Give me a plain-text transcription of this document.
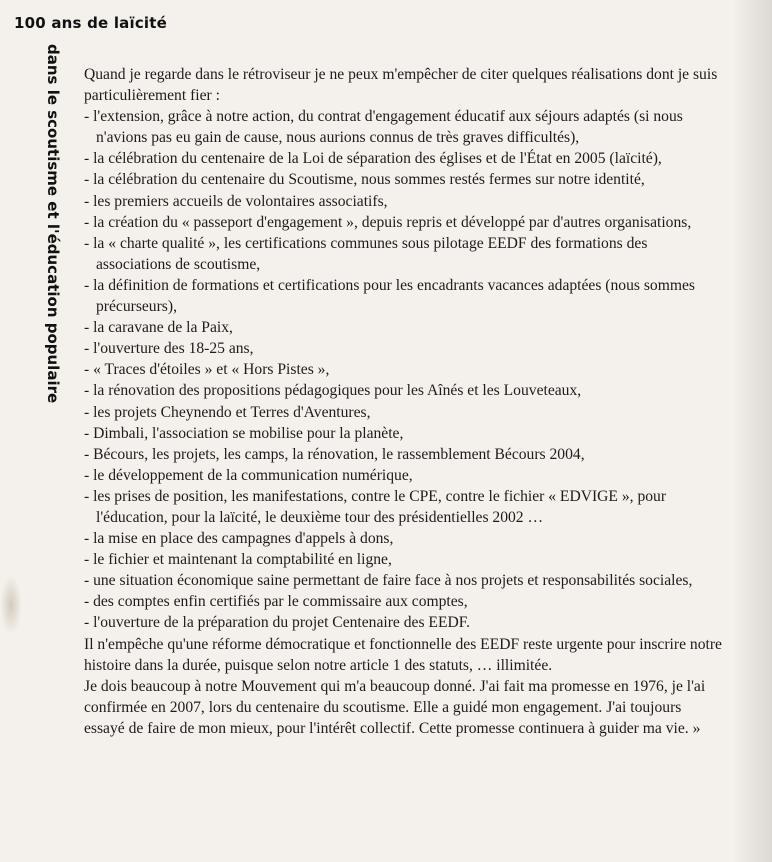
100 ans de laïcité
dans le scoutisme et l'éducation populaire Quand je regarde dans le rétroviseur je ne peux m'empêcher de citer quelques réalisations dont je suis particulièrement fier :

- l'extension, grâce à notre action, du contrat d'engagement éducatif aux séjours adaptés (si nous n'avions pas eu gain de cause, nous aurions connus de très graves difficultés),

- la célébration du centenaire de la Loi de séparation des églises et de l'État en 2005 (laïcité),

- la célébration du centenaire du Scoutisme, nous sommes restés fermes sur notre identité,

- les premiers accueils de volontaires associatifs,

- la création du « passeport d'engagement », depuis repris et développé par d'autres organisations,

- la « charte qualité », les certifications communes sous pilotage EEDF des formations des associations de scoutisme,

- la définition de formations et certifications pour les encadrants vacances adaptées (nous sommes précurseurs),

- la caravane de la Paix,

- l'ouverture des 18-25 ans,

- « Traces d'étoiles » et « Hors Pistes »,

- la rénovation des propositions pédagogiques pour les Aînés et les Louveteaux,

- les projets Cheynendo et Terres d'Aventures,

- Dimbali, l'association se mobilise pour la planète,

- Bécours, les projets, les camps, la rénovation, le rassemblement Bécours 2004,

- le développement de la communication numérique,

- les prises de position, les manifestations, contre le CPE, contre le fichier « EDVIGE », pour l'éducation, pour la laïcité, le deuxième tour des présidentielles 2002 …

- la mise en place des campagnes d'appels à dons,

- le fichier et maintenant la comptabilité en ligne,

- une situation économique saine permettant de faire face à nos projets et responsabilités sociales,

- des comptes enfin certifiés par le commissaire aux comptes,

- l'ouverture de la préparation du projet Centenaire des EEDF.

Il n'empêche qu'une réforme démocratique et fonctionnelle des EEDF reste urgente pour inscrire notre histoire dans la durée, puisque selon notre article 1 des statuts, … illimitée.

Je dois beaucoup à notre Mouvement qui m'a beaucoup donné. J'ai fait ma promesse en 1976, je l'ai confirmée en 2007, lors du centenaire du scoutisme. Elle a guidé mon engagement. J'ai toujours essayé de faire de mon mieux, pour l'intérêt collectif. Cette promesse continuera à guider ma vie. »
